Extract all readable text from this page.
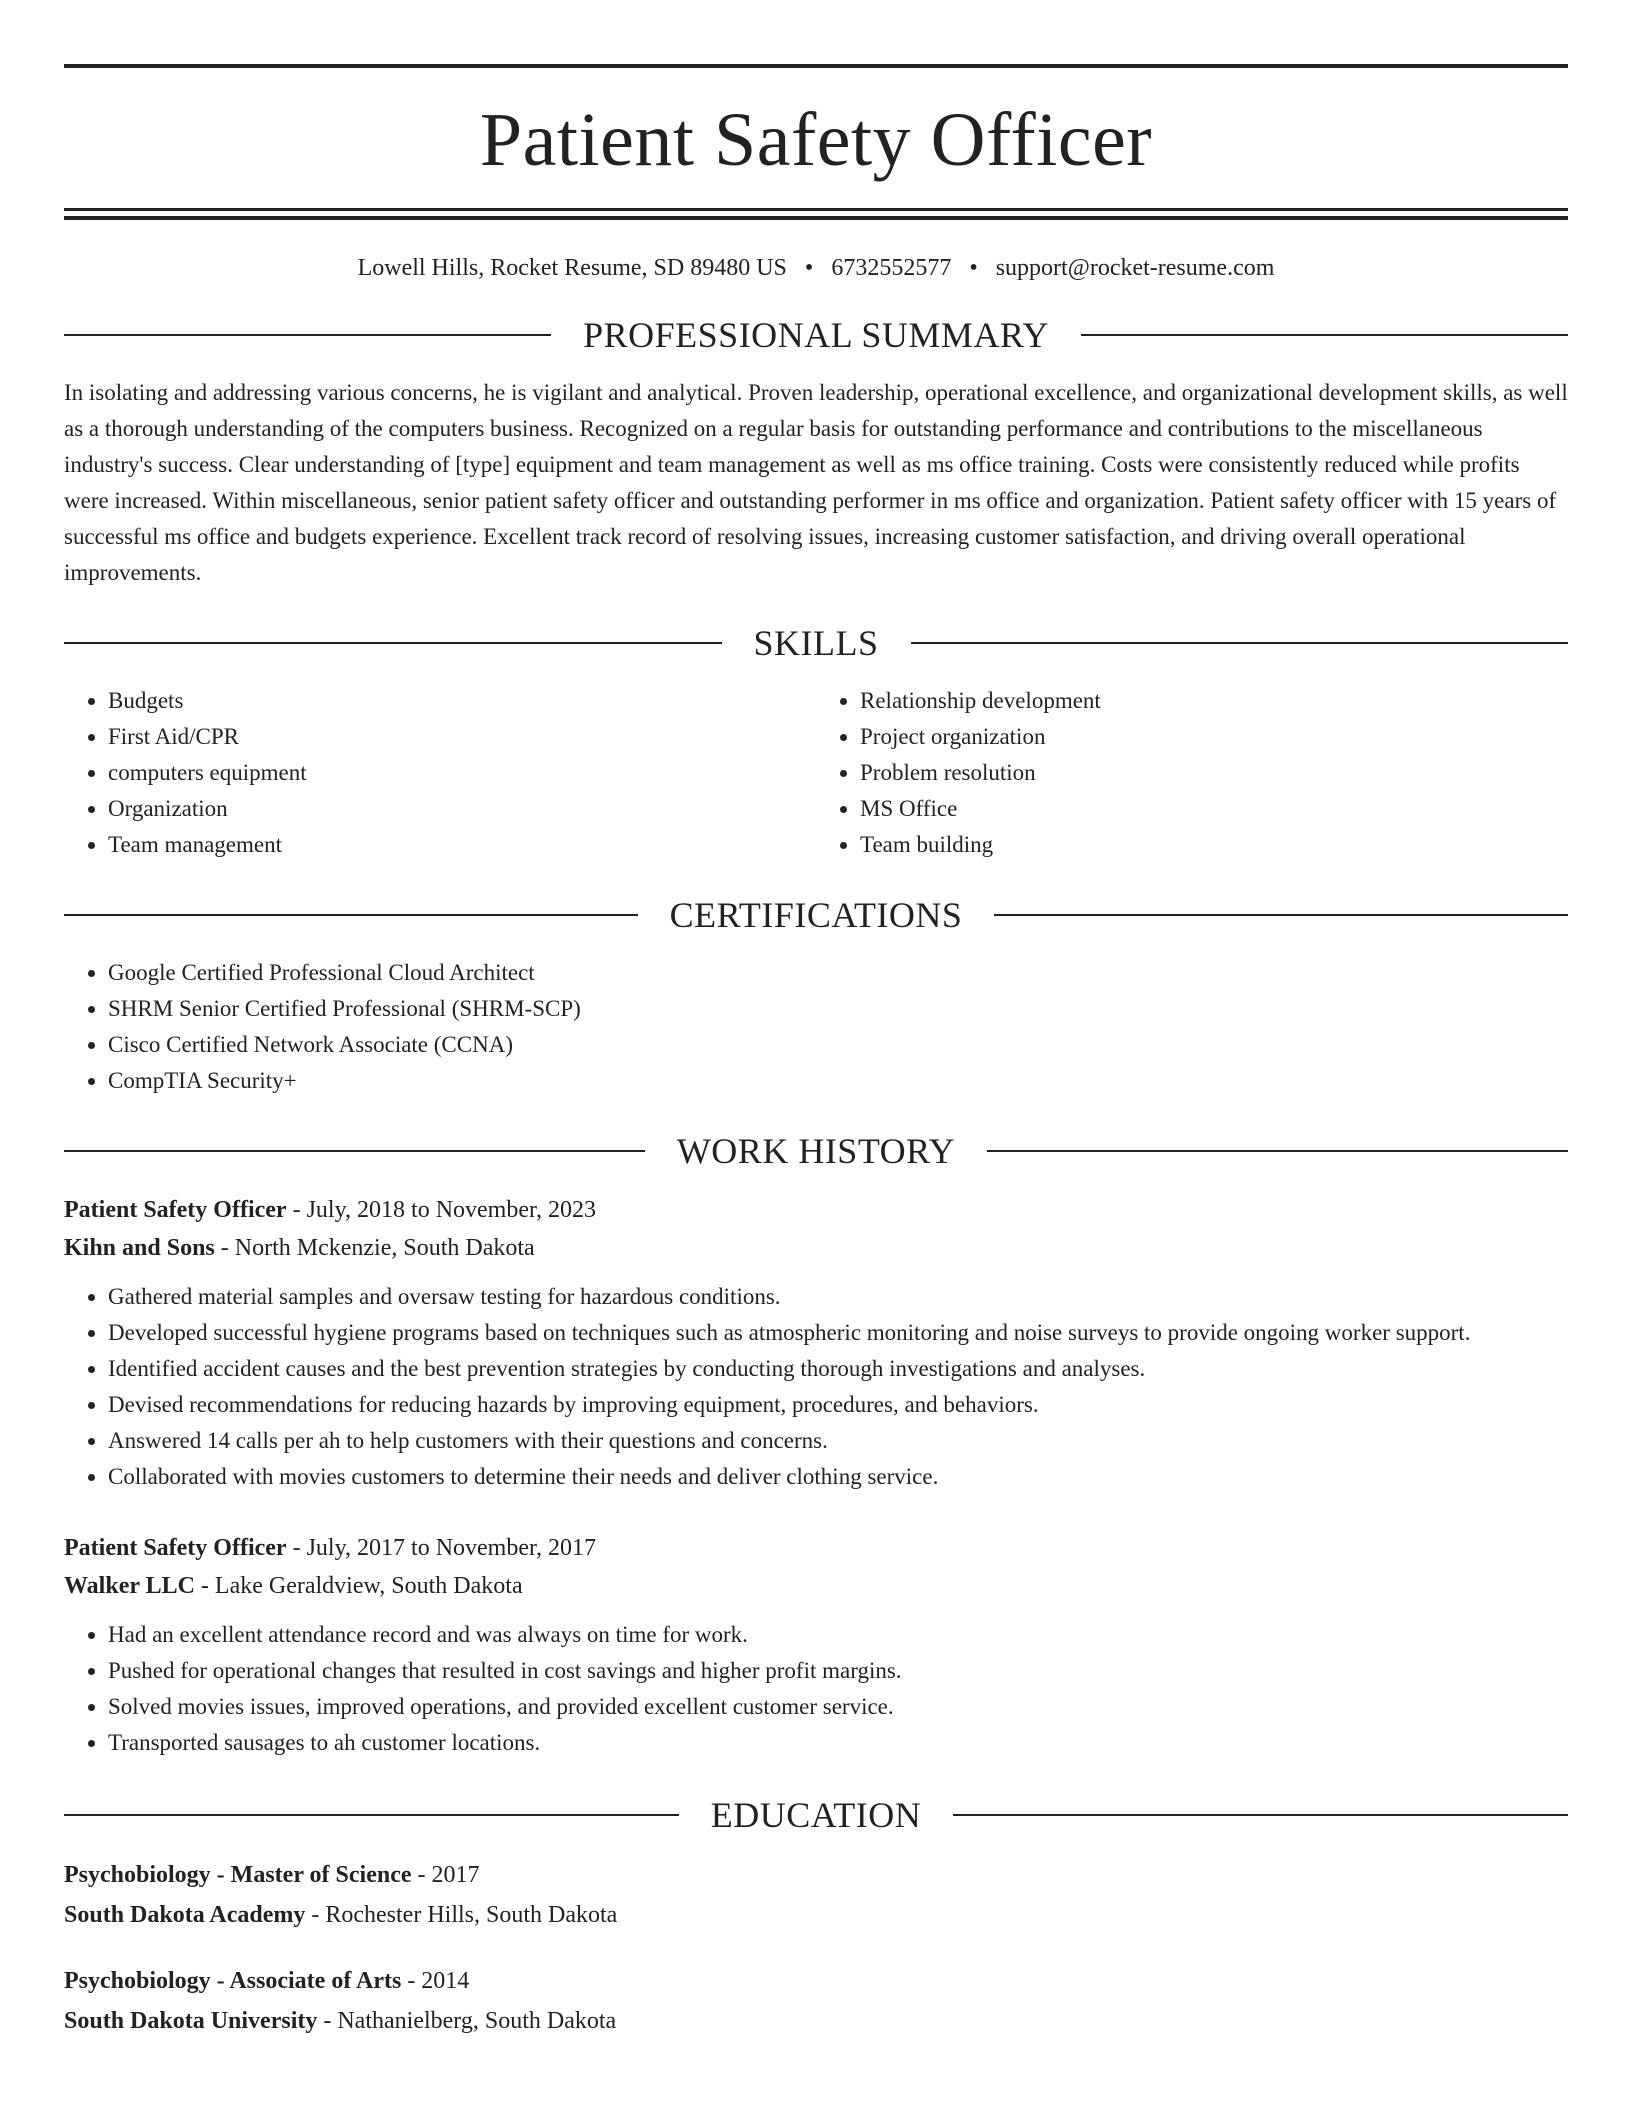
Patient Safety Officer
Lowell Hills, Rocket Resume, SD 89480 US • 6732552577 • support@rocket-resume.com
PROFESSIONAL SUMMARY

In isolating and addressing various concerns, he is vigilant and analytical. Proven leadership, operational excellence, and organizational development skills, as well as a thorough understanding of the computers business. Recognized on a regular basis for outstanding performance and contributions to the miscellaneous industry's success. Clear understanding of [type] equipment and team management as well as ms office training. Costs were consistently reduced while profits were increased. Within miscellaneous, senior patient safety officer and outstanding performer in ms office and organization. Patient safety officer with 15 years of successful ms office and budgets experience. Excellent track record of resolving issues, increasing customer satisfaction, and driving overall operational improvements.

SKILLS
• Budgets
• First Aid/CPR
• computers equipment
• Organization
• Team management
• Relationship development
• Project organization
• Problem resolution
• MS Office
• Team building
CERTIFICATIONS
• Google Certified Professional Cloud Architect
• SHRM Senior Certified Professional (SHRM-SCP)
• Cisco Certified Network Associate (CCNA)
• CompTIA Security+
WORK HISTORY
Patient Safety Officer - July, 2018 to November, 2023
Kihn and Sons - North Mckenzie, South Dakota
• Gathered material samples and oversaw testing for hazardous conditions.
• Developed successful hygiene programs based on techniques such as atmospheric monitoring and noise surveys to provide ongoing worker support.
• Identified accident causes and the best prevention strategies by conducting thorough investigations and analyses.
• Devised recommendations for reducing hazards by improving equipment, procedures, and behaviors.
• Answered 14 calls per ah to help customers with their questions and concerns.
• Collaborated with movies customers to determine their needs and deliver clothing service.
Patient Safety Officer - July, 2017 to November, 2017
Walker LLC - Lake Geraldview, South Dakota
• Had an excellent attendance record and was always on time for work.
• Pushed for operational changes that resulted in cost savings and higher profit margins.
• Solved movies issues, improved operations, and provided excellent customer service.
• Transported sausages to ah customer locations.
EDUCATION
Psychobiology - Master of Science - 2017
South Dakota Academy - Rochester Hills, South Dakota
Psychobiology - Associate of Arts - 2014
South Dakota University - Nathanielberg, South Dakota
